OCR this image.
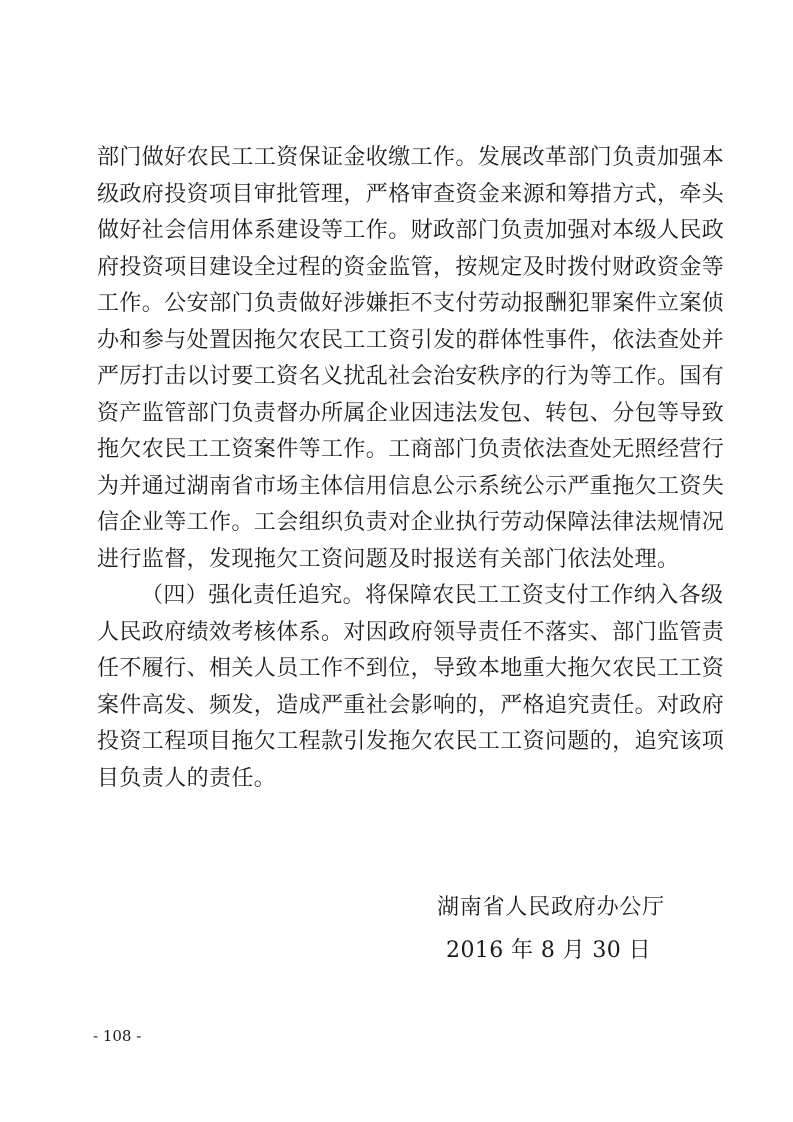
部门做好农民工工资保证金收缴工作。发展改革部门负责加强本
级政府投资项目审批管理，严格审查资金来源和筹措方式，牵头
做好社会信用体系建设等工作。财政部门负责加强对本级人民政
府投资项目建设全过程的资金监管，按规定及时拨付财政资金等
工作。公安部门负责做好涉嫌拒不支付劳动报酬犯罪案件立案侦
办和参与处置因拖欠农民工工资引发的群体性事件，依法查处并
严厉打击以讨要工资名义扰乱社会治安秩序的行为等工作。国有
资产监管部门负责督办所属企业因违法发包、转包、分包等导致
拖欠农民工工资案件等工作。工商部门负责依法查处无照经营行
为并通过湖南省市场主体信用信息公示系统公示严重拖欠工资失
信企业等工作。工会组织负责对企业执行劳动保障法律法规情况
进行监督，发现拖欠工资问题及时报送有关部门依法处理。
（四）强化责任追究。将保障农民工工资支付工作纳入各级
人民政府绩效考核体系。对因政府领导责任不落实、部门监管责
任不履行、相关人员工作不到位，导致本地重大拖欠农民工工资
案件高发、频发，造成严重社会影响的，严格追究责任。对政府
投资工程项目拖欠工程款引发拖欠农民工工资问题的，追究该项
目负责人的责任。
湖南省人民政府办公厅
2016 年 8 月 30 日
- 108 -
